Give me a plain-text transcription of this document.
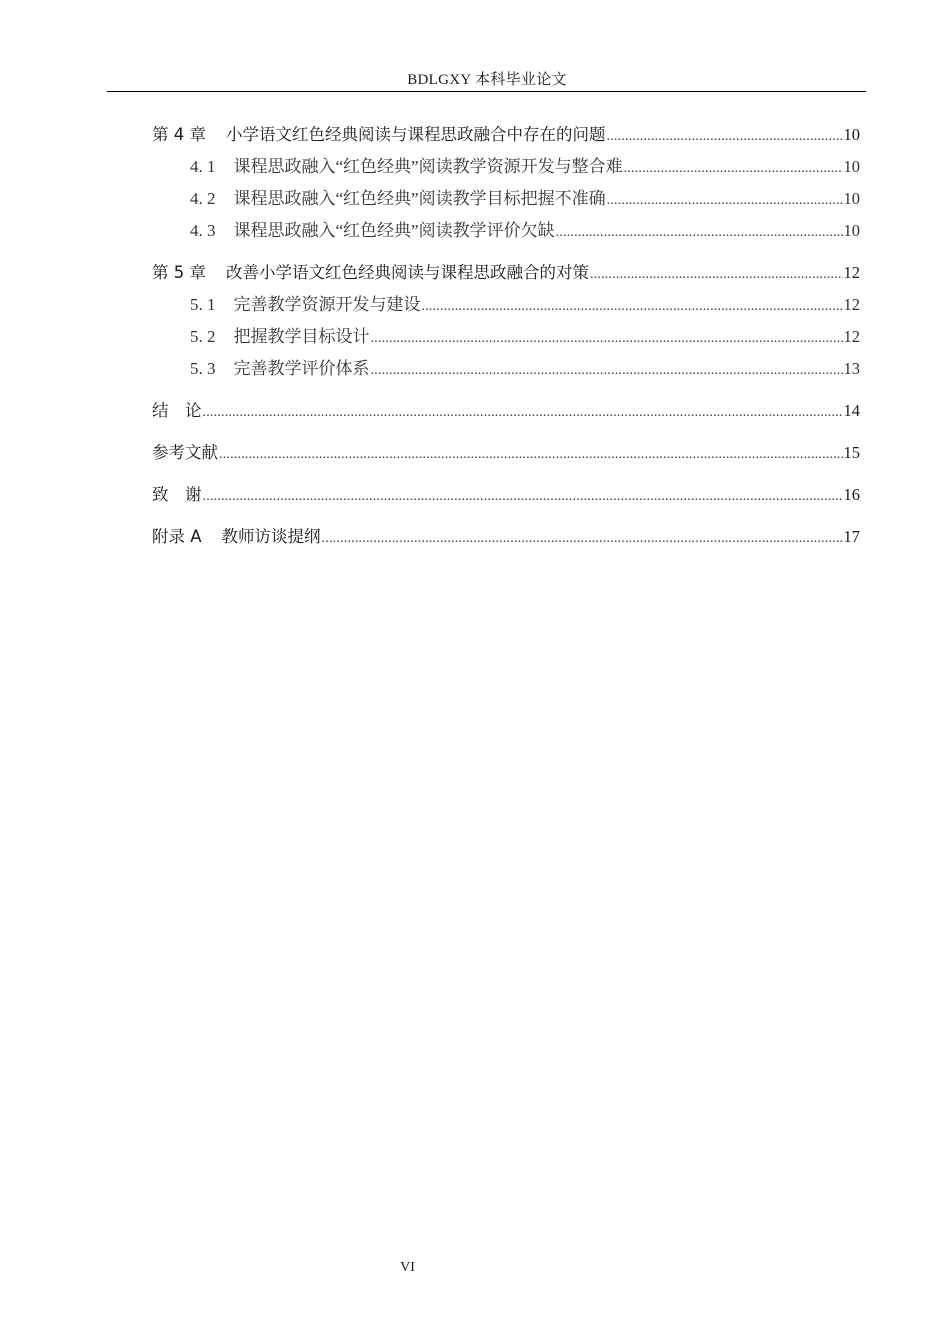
BDLGXY 本科毕业论文
第 4 章 小学语文红色经典阅读与课程思政融合中存在的问题 .....	10
4. 1 课程思政融入“红色经典”阅读教学资源开发与整合难 .....	10
4. 2 课程思政融入“红色经典”阅读教学目标把握不准确 .....	10
4. 3 课程思政融入“红色经典”阅读教学评价欠缺 .....	10
第 5 章 改善小学语文红色经典阅读与课程思政融合的对策 .....	12
5. 1 完善教学资源开发与建设 .....	12
5. 2 把握教学目标设计 .....	12
5. 3 完善教学评价体系 .....	13
结　论 .....	14
参考文献 .....	15
致　谢 .....	16
附录 A 教师访谈提纲 .....	17
VI
